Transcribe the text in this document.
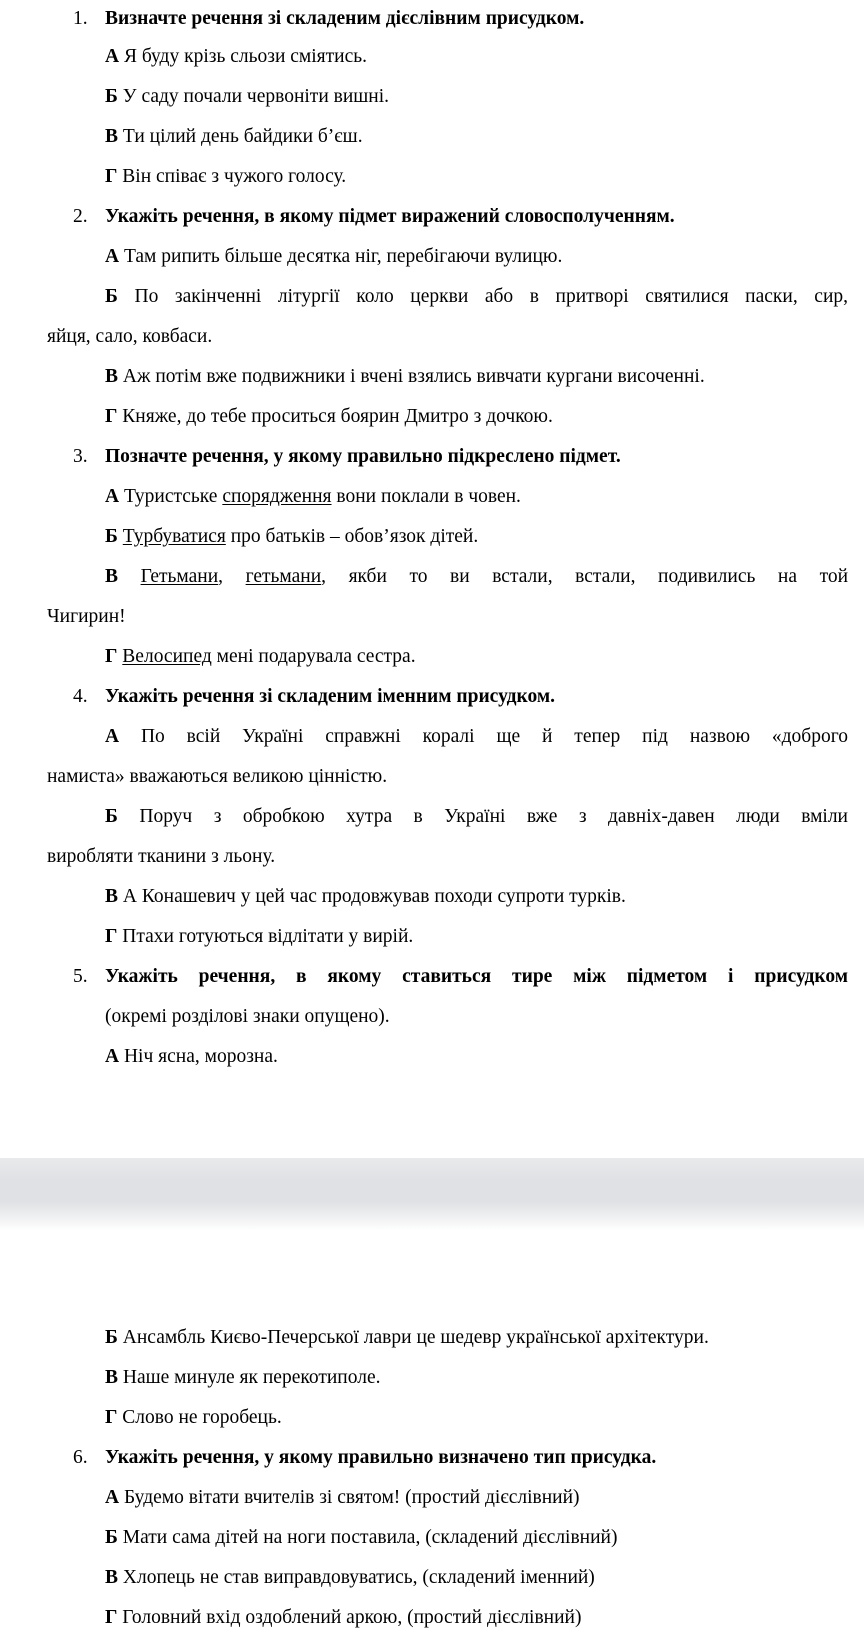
1. Визначте речення зі складеним дієслівним присудком.
А Я буду крізь сльози сміятись.
Б У саду почали червоніти вишні.
В Ти цілий день байдики б’єш.
Г Він співає з чужого голосу.
2. Укажіть речення, в якому підмет виражений словосполученням.
А Там рипить більше десятка ніг, перебігаючи вулицю.
Б По закінченні літургії коло церкви або в притворі святилися паски, сир,
яйця, сало, ковбаси.
В Аж потім вже подвижники і вчені взялись вивчати кургани височенні.
Г Княже, до тебе проситься боярин Дмитро з дочкою.
3. Позначте речення, у якому правильно підкреслено підмет.
А Туристське спорядження вони поклали в човен.
Б Турбуватися про батьків – обов’язок дітей.
В Гетьмани, гетьмани, якби то ви встали, встали, подивились на той
Чигирин!
Г Велосипед мені подарувала сестра.
4. Укажіть речення зі складеним іменним присудком.
А По всій Україні справжні коралі ще й тепер під назвою «доброго
намиста» вважаються великою цінністю.
Б Поруч з обробкою хутра в Україні вже з давніх-давен люди вміли
виробляти тканини з льону.
В А Конашевич у цей час продовжував походи супроти турків.
Г Птахи готуються відлітати у вирій.
5. Укажіть речення, в якому ставиться тире між підметом і присудком
(окремі розділові знаки опущено).
А Ніч ясна, морозна.
Б Ансамбль Києво-Печерської лаври це шедевр української архітектури.
В Наше минуле як перекотиполе.
Г Слово не горобець.
6. Укажіть речення, у якому правильно визначено тип присудка.
А Будемо вітати вчителів зі святом! (простий дієслівний)
Б Мати сама дітей на ноги поставила, (складений дієслівний)
В Хлопець не став виправдовуватись, (складений іменний)
Г Головний вхід оздоблений аркою, (простий дієслівний)
